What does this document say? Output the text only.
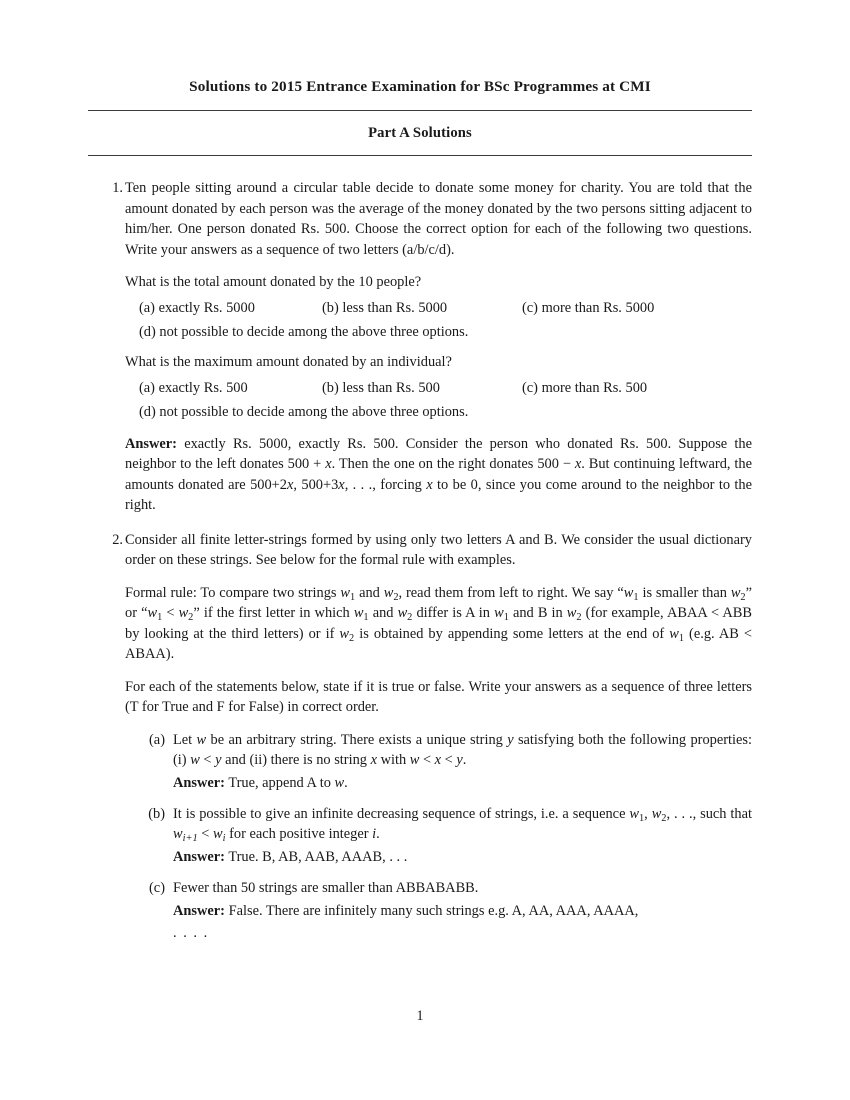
Solutions to 2015 Entrance Examination for BSc Programmes at CMI
Part A Solutions
1. Ten people sitting around a circular table decide to donate some money for charity. You are told that the amount donated by each person was the average of the money donated by the two persons sitting adjacent to him/her. One person donated Rs. 500. Choose the correct option for each of the following two questions. Write your answers as a sequence of two letters (a/b/c/d).

What is the total amount donated by the 10 people?

(a) exactly Rs. 5000	(b) less than Rs. 5000	(c) more than Rs. 5000
(d) not possible to decide among the above three options.

What is the maximum amount donated by an individual?

(a) exactly Rs. 500	(b) less than Rs. 500	(c) more than Rs. 500
(d) not possible to decide among the above three options.

Answer: exactly Rs. 5000, exactly Rs. 500. Consider the person who donated Rs. 500. Suppose the neighbor to the left donates 500 + x. Then the one on the right donates 500 − x. But continuing leftward, the amounts donated are 500+2x, 500+3x, . . ., forcing x to be 0, since you come around to the neighbor to the right.

2. Consider all finite letter-strings formed by using only two letters A and B. We consider the usual dictionary order on these strings. See below for the formal rule with examples.

Formal rule: To compare two strings $w_1$ and $w_2$, read them from left to right. We say “$w_1$ is smaller than $w_2$” or “$w_1 < w_2$” if the first letter in which $w_1$ and $w_2$ differ is A in $w_1$ and B in $w_2$ (for example, ABAA < ABB by looking at the third letters) or if $w_2$ is obtained by appending some letters at the end of $w_1$ (e.g. AB < ABAA).

For each of the statements below, state if it is true or false. Write your answers as a sequence of three letters (T for True and F for False) in correct order.

(a) Let w be an arbitrary string. There exists a unique string y satisfying both the following properties: (i) w < y and (ii) there is no string x with w < x < y.
Answer: True, append A to w.
(b) It is possible to give an infinite decreasing sequence of strings, i.e. a sequence $w_1$, $w_2$, . . ., such that $w_{i+1} < w_i$ for each positive integer i.
Answer: True. B, AB, AAB, AAAB, . . .
(c) Fewer than 50 strings are smaller than ABBABABB.
Answer: False. There are infinitely many such strings e.g. A, AA, AAA, AAAA,
. . . .
1
